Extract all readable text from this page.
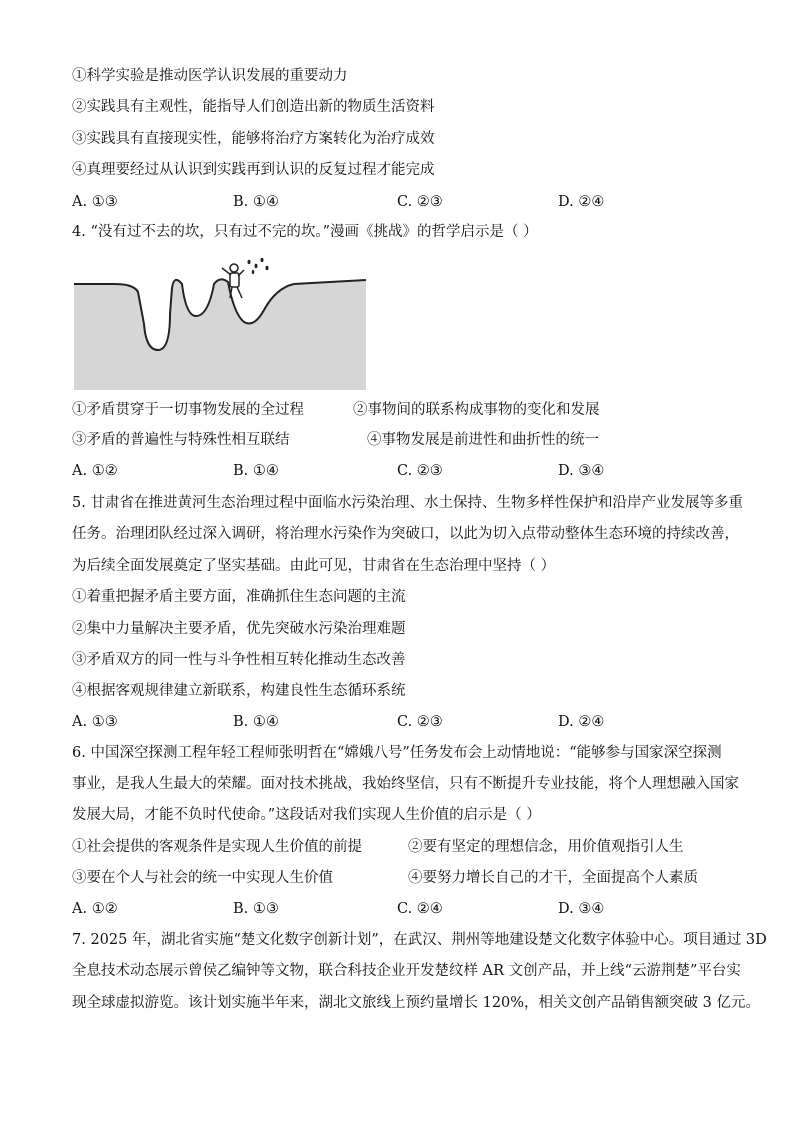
①科学实验是推动医学认识发展的重要动力
②实践具有主观性，能指导人们创造出新的物质生活资料
③实践具有直接现实性，能够将治疗方案转化为治疗成效
④真理要经过从认识到实践再到认识的反复过程才能完成
A. ①③	B. ①④	C. ②③	D. ②④
4. “没有过不去的坎，只有过不完的坎。”漫画《挑战》的哲学启示是（ ）
①矛盾贯穿于一切事物发展的全过程	②事物间的联系构成事物的变化和发展
③矛盾的普遍性与特殊性相互联结	④事物发展是前进性和曲折性的统一
A. ①②	B. ①④	C. ②③	D. ③④
5. 甘肃省在推进黄河生态治理过程中面临水污染治理、水土保持、生物多样性保护和沿岸产业发展等多重
任务。治理团队经过深入调研，将治理水污染作为突破口，以此为切入点带动整体生态环境的持续改善，
为后续全面发展奠定了坚实基础。由此可见，甘肃省在生态治理中坚持（ ）
①着重把握矛盾主要方面，准确抓住生态问题的主流
②集中力量解决主要矛盾，优先突破水污染治理难题
③矛盾双方的同一性与斗争性相互转化推动生态改善
④根据客观规律建立新联系，构建良性生态循环系统
A. ①③	B. ①④	C. ②③	D. ②④
6. 中国深空探测工程年轻工程师张明哲在“嫦娥八号”任务发布会上动情地说：“能够参与国家深空探测
事业，是我人生最大的荣耀。面对技术挑战，我始终坚信，只有不断提升专业技能，将个人理想融入国家
发展大局，才能不负时代使命。”这段话对我们实现人生价值的启示是（ ）
①社会提供的客观条件是实现人生价值的前提	②要有坚定的理想信念，用价值观指引人生
③要在个人与社会的统一中实现人生价值	④要努力增长自己的才干，全面提高个人素质
A. ①②	B. ①③	C. ②④	D. ③④
7. 2025 年，湖北省实施“楚文化数字创新计划”，在武汉、荆州等地建设楚文化数字体验中心。项目通过 3D
全息技术动态展示曾侯乙编钟等文物，联合科技企业开发楚纹样 AR 文创产品，并上线“云游荆楚”平台实
现全球虚拟游览。该计划实施半年来，湖北文旅线上预约量增长 120%，相关文创产品销售额突破 3 亿元。
